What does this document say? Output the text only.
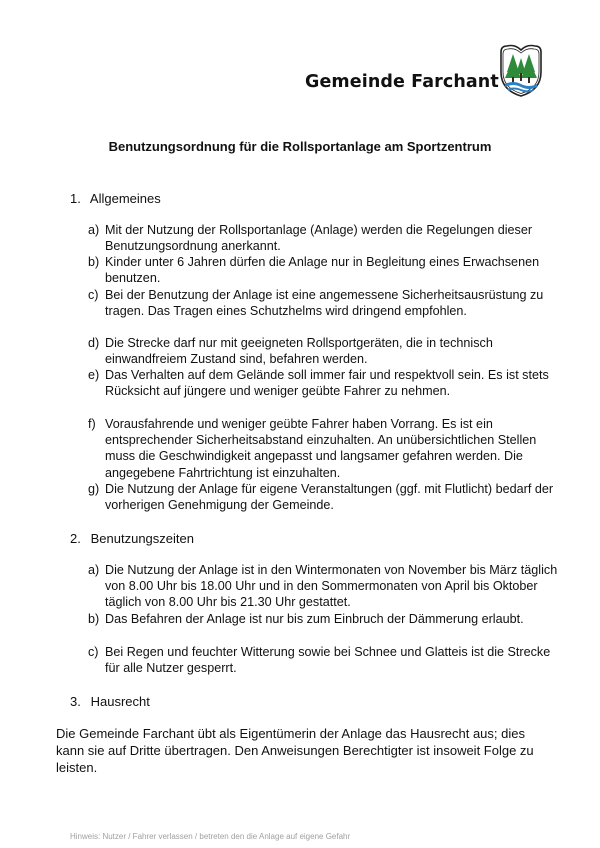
Gemeinde Farchant
Benutzungsordnung für die Rollsportanlage am Sportzentrum
1. Allgemeines
a) Mit der Nutzung der Rollsportanlage (Anlage) werden die Regelungen dieser Benutzungsordnung anerkannt.
b) Kinder unter 6 Jahren dürfen die Anlage nur in Begleitung eines Erwachsenen benutzen.
c) Bei der Benutzung der Anlage ist eine angemessene Sicherheitsausrüstung zu tragen. Das Tragen eines Schutzhelms wird dringend empfohlen.
d) Die Strecke darf nur mit geeigneten Rollsportgeräten, die in technisch einwandfreiem Zustand sind, befahren werden.
e) Das Verhalten auf dem Gelände soll immer fair und respektvoll sein. Es ist stets Rücksicht auf jüngere und weniger geübte Fahrer zu nehmen.
f) Vorausfahrende und weniger geübte Fahrer haben Vorrang. Es ist ein entsprechender Sicherheitsabstand einzuhalten. An unübersichtlichen Stellen muss die Geschwindigkeit angepasst und langsamer gefahren werden. Die angegebene Fahrtrichtung ist einzuhalten.
g) Die Nutzung der Anlage für eigene Veranstaltungen (ggf. mit Flutlicht) bedarf der vorherigen Genehmigung der Gemeinde.
2. Benutzungszeiten
a) Die Nutzung der Anlage ist in den Wintermonaten von November bis März täglich von 8.00 Uhr bis 18.00 Uhr und in den Sommermonaten von April bis Oktober täglich von 8.00 Uhr bis 21.30 Uhr gestattet.
b) Das Befahren der Anlage ist nur bis zum Einbruch der Dämmerung erlaubt.
c) Bei Regen und feuchter Witterung sowie bei Schnee und Glatteis ist die Strecke für alle Nutzer gesperrt.
3. Hausrecht
Die Gemeinde Farchant übt als Eigentümerin der Anlage das Hausrecht aus; dies kann sie auf Dritte übertragen. Den Anweisungen Berechtigter ist insoweit Folge zu leisten.
Hinweis: Nutzer / Fahrer verlassen / betreten den die Anlage auf eigene Gefahr
